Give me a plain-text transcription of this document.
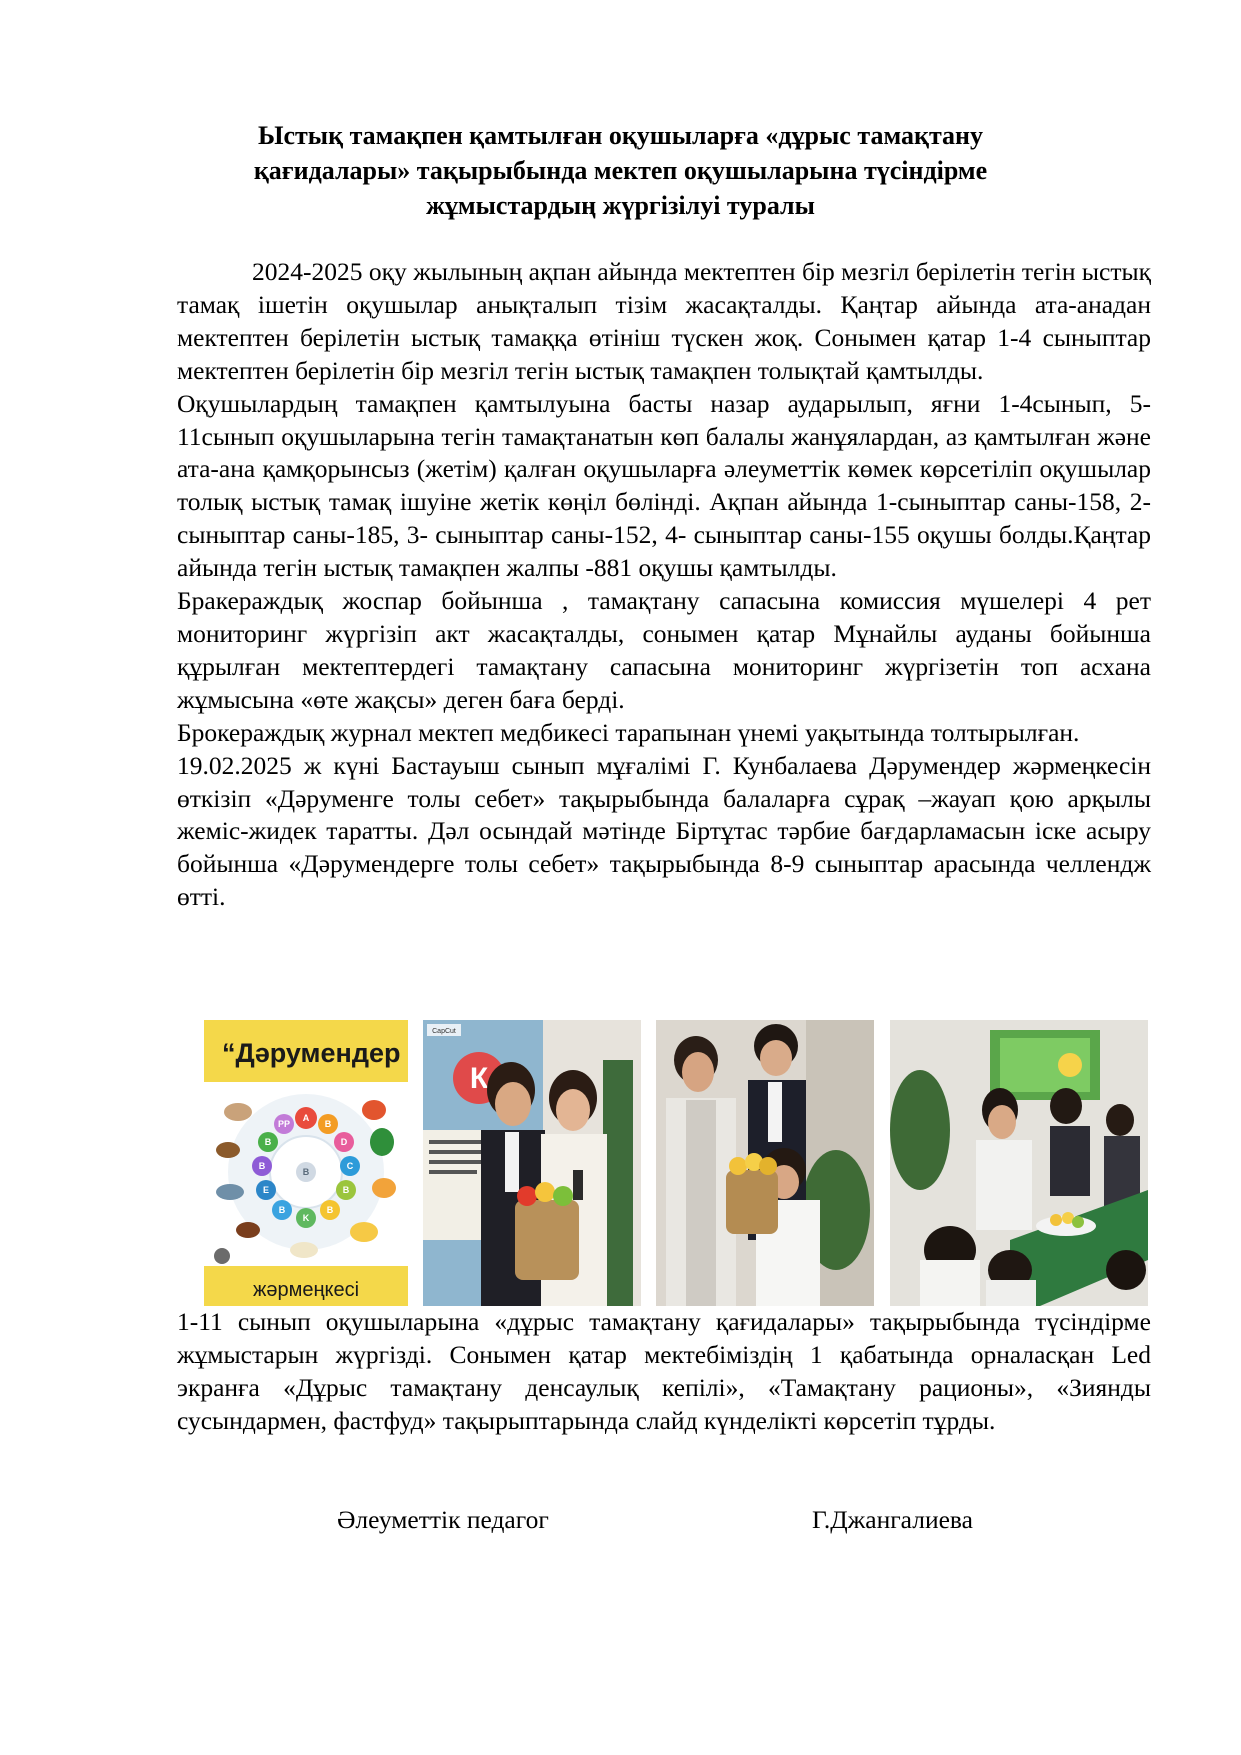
Ыстық тамақпен қамтылған оқушыларға «дұрыс тамақтану
қағидалары» тақырыбында мектеп оқушыларына түсіндірме
жұмыстардың жүргізілуі туралы

2024-2025 оқу жылының ақпан айында мектептен бір мезгіл берілетін тегін ыстық тамақ ішетін оқушылар анықталып тізім жасақталды. Қаңтар айында ата-анадан мектептен берілетін ыстық тамаққа өтініш түскен жоқ. Сонымен қатар 1-4 сыныптар мектептен берілетін бір мезгіл тегін ыстық тамақпен толықтай қамтылды.

Оқушылардың тамақпен қамтылуына басты назар аударылып, яғни 1-4сынып, 5-11сынып оқушыларына тегін тамақтанатын көп балалы жанұялардан, аз қамтылған және ата-ана қамқорынсыз (жетім) қалған оқушыларға әлеуметтік көмек көрсетіліп оқушылар толық ыстық тамақ ішуіне жетік көңіл бөлінді. Ақпан айында 1-сыныптар саны-158, 2-сыныптар саны-185, 3- сыныптар саны-152, 4- сыныптар саны-155 оқушы болды.Қаңтар айында тегін ыстық тамақпен жалпы -881 оқушы қамтылды.

Бракераждық жоспар бойынша , тамақтану сапасына комиссия мүшелері 4 рет мониторинг жүргізіп акт жасақталды, сонымен қатар Мұнайлы ауданы бойынша құрылған мектептердегі тамақтану сапасына мониторинг жүргізетін топ асхана жұмысына «өте жақсы» деген баға берді.

Брокераждық журнал мектеп медбикесі тарапынан үнемі уақытында толтырылған.

19.02.2025 ж күні Бастауыш сынып мұғалімі Г. Кунбалаева Дәрумендер жәрмеңкесін өткізіп «Дәруменге толы себет» тақырыбында балаларға сұрақ –жауап қою арқылы жеміс-жидек таратты. Дәл осындай мәтінде Біртұтас тәрбие бағдарламасын іске асыру бойынша «Дәрумендерге толы себет» тақырыбында 8-9 сыныптар арасында челлендж өтті.

“Дәрумендер
A
PP	B
B	D
B	C
E	B
B	B
K
B
жәрмеңкесі
К
CapCut

1-11 сынып оқушыларына «дұрыс тамақтану қағидалары» тақырыбында түсіндірме жұмыстарын жүргізді. Сонымен қатар мектебіміздің 1 қабатында орналасқан Led экранға «Дұрыс тамақтану денсаулық кепілі», «Тамақтану рационы», «Зиянды сусындармен, фастфуд» тақырыптарында слайд күнделікті көрсетіп тұрды.

Әлеуметтік педагог	Г.Джангалиева
